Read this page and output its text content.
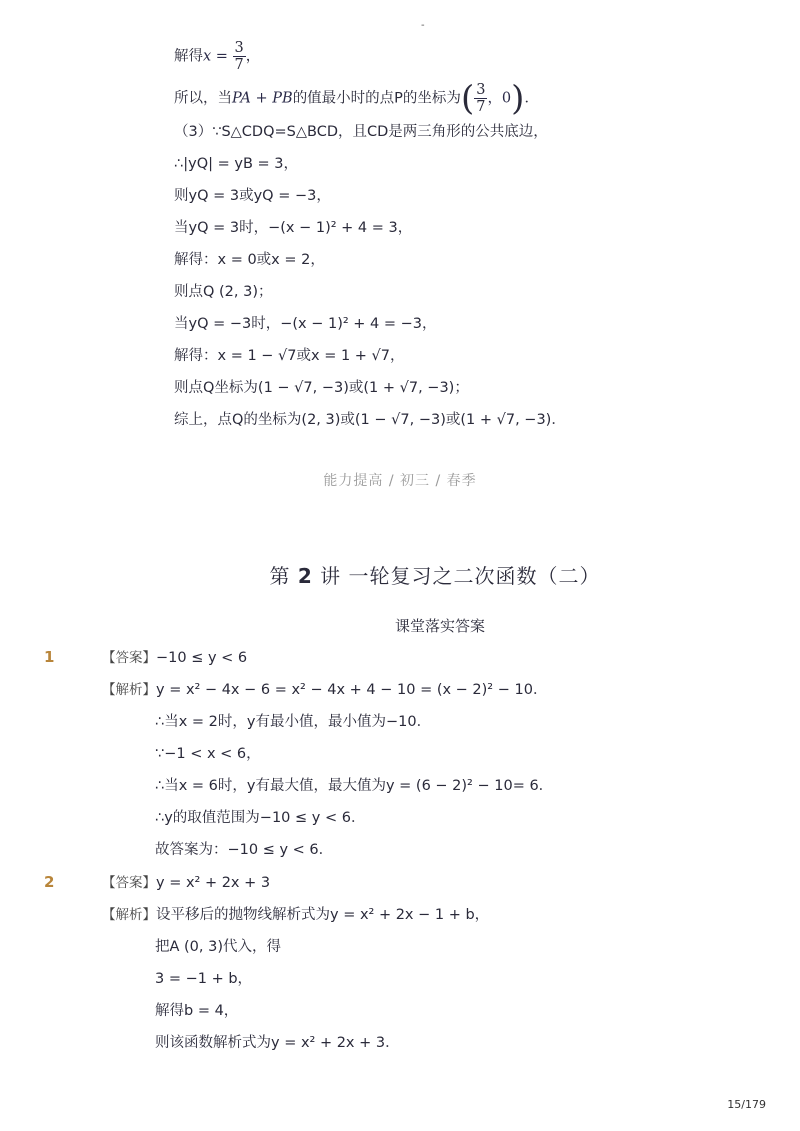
-
解得$x = \frac{3}{7}$ ，
所以，当PA + PB的值最小时的点P的坐标为( $\frac{3}{7}$ ，0)．
（3）∵S△CDQ=S△BCD，且CD是两三角形的公共底边，
∴|yQ| = yB = 3，
则yQ = 3或yQ = −3，
当yQ = 3时，−(x − 1)² + 4 = 3，
解得：x = 0或x = 2，
则点Q (2, 3)；
当yQ = −3时，−(x − 1)² + 4 = −3，
解得：x = 1 − √7或x = 1 + √7，
则点Q坐标为(1 − √7, −3)或(1 + √7, −3)；
综上，点Q的坐标为(2, 3)或(1 − √7, −3)或(1 + √7, −3)．
能力提高 / 初三 / 春季
第 2 讲 一轮复习之二次函数（二）
课堂落实答案
1	【答案】−10 ≤ y < 6
【解析】y = x² − 4x − 6 = x² − 4x + 4 − 10 = (x − 2)² − 10．
∴当x = 2时，y有最小值，最小值为−10．
∵−1 < x < 6，
∴当x = 6时，y有最大值，最大值为y = (6 − 2)² − 10= 6．
∴y的取值范围为−10 ≤ y < 6．
故答案为：−10 ≤ y < 6．
2	【答案】y = x² + 2x + 3
【解析】设平移后的抛物线解析式为y = x² + 2x − 1 + b，
把A (0, 3)代入，得
3 = −1 + b，
解得b = 4，
则该函数解析式为y = x² + 2x + 3．
15/179
